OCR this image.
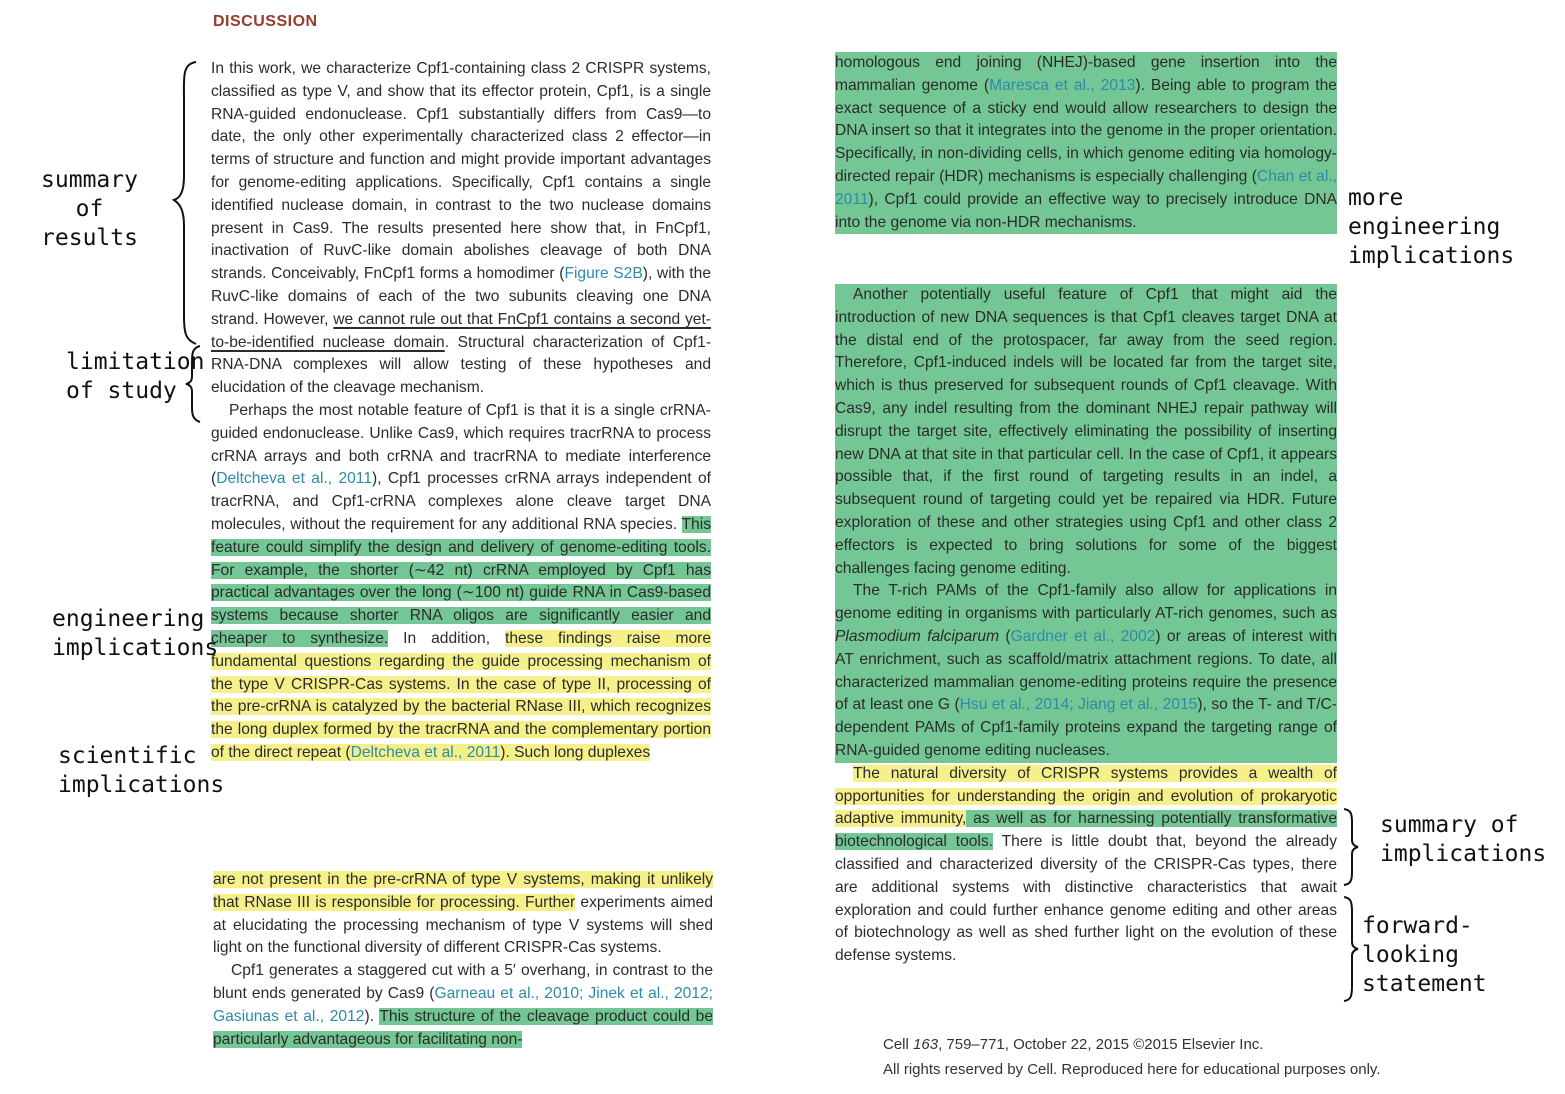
DISCUSSION

In this work, we characterize Cpf1-containing class 2 CRISPR systems, classified as type V, and show that its effector protein, Cpf1, is a single RNA-guided endonuclease. Cpf1 substantially differs from Cas9—to date, the only other experimentally characterized class 2 effector—in terms of structure and function and might provide important advantages for genome-editing applications. Specifically, Cpf1 contains a single identified nuclease domain, in contrast to the two nuclease domains present in Cas9. The results presented here show that, in FnCpf1, inactivation of RuvC-like domain abolishes cleavage of both DNA strands. Conceivably, FnCpf1 forms a homodimer (Figure S2B), with the RuvC-like domains of each of the two subunits cleaving one DNA strand. However, we cannot rule out that FnCpf1 contains a second yet-to-be-identified nuclease domain. Structural characterization of Cpf1-RNA-DNA complexes will allow testing of these hypotheses and elucidation of the cleavage mechanism.

Perhaps the most notable feature of Cpf1 is that it is a single crRNA-guided endonuclease. Unlike Cas9, which requires tracrRNA to process crRNA arrays and both crRNA and tracrRNA to mediate interference (Deltcheva et al., 2011), Cpf1 processes crRNA arrays independent of tracrRNA, and Cpf1-crRNA complexes alone cleave target DNA molecules, without the requirement for any additional RNA species. This feature could simplify the design and delivery of genome-editing tools. For example, the shorter (∼42 nt) crRNA employed by Cpf1 has practical advantages over the long (∼100 nt) guide RNA in Cas9-based systems because shorter RNA oligos are significantly easier and cheaper to synthesize. In addition, these findings raise more fundamental questions regarding the guide processing mechanism of the type V CRISPR-Cas systems. In the case of type II, processing of the pre-crRNA is catalyzed by the bacterial RNase III, which recognizes the long duplex formed by the tracrRNA and the complementary portion of the direct repeat (Deltcheva et al., 2011). Such long duplexes

are not present in the pre-crRNA of type V systems, making it unlikely that RNase III is responsible for processing. Further experiments aimed at elucidating the processing mechanism of type V systems will shed light on the functional diversity of different CRISPR-Cas systems.

Cpf1 generates a staggered cut with a 5′ overhang, in contrast to the blunt ends generated by Cas9 (Garneau et al., 2010; Jinek et al., 2012; Gasiunas et al., 2012). This structure of the cleavage product could be particularly advantageous for facilitating non-

homologous end joining (NHEJ)-based gene insertion into the mammalian genome (Maresca et al., 2013). Being able to program the exact sequence of a sticky end would allow researchers to design the DNA insert so that it integrates into the genome in the proper orientation. Specifically, in non-dividing cells, in which genome editing via homology-directed repair (HDR) mechanisms is especially challenging (Chan et al., 2011), Cpf1 could provide an effective way to precisely introduce DNA into the genome via non-HDR mechanisms.

Another potentially useful feature of Cpf1 that might aid the introduction of new DNA sequences is that Cpf1 cleaves target DNA at the distal end of the protospacer, far away from the seed region. Therefore, Cpf1-induced indels will be located far from the target site, which is thus preserved for subsequent rounds of Cpf1 cleavage. With Cas9, any indel resulting from the dominant NHEJ repair pathway will disrupt the target site, effectively eliminating the possibility of inserting new DNA at that site in that particular cell. In the case of Cpf1, it appears possible that, if the first round of targeting results in an indel, a subsequent round of targeting could yet be repaired via HDR. Future exploration of these and other strategies using Cpf1 and other class 2 effectors is expected to bring solutions for some of the biggest challenges facing genome editing.

The T-rich PAMs of the Cpf1-family also allow for applications in genome editing in organisms with particularly AT-rich genomes, such as Plasmodium falciparum (Gardner et al., 2002) or areas of interest with AT enrichment, such as scaffold/matrix attachment regions. To date, all characterized mammalian genome-editing proteins require the presence of at least one G (Hsu et al., 2014; Jiang et al., 2015), so the T- and T/C-dependent PAMs of Cpf1-family proteins expand the targeting range of RNA-guided genome editing nucleases.

The natural diversity of CRISPR systems provides a wealth of opportunities for understanding the origin and evolution of prokaryotic adaptive immunity, as well as for harnessing potentially transformative biotechnological tools. There is little doubt that, beyond the already classified and characterized diversity of the CRISPR-Cas types, there are additional systems with distinctive characteristics that await exploration and could further enhance genome editing and other areas of biotechnology as well as shed further light on the evolution of these defense systems.

Cell 163, 759–771, October 22, 2015 ©2015 Elsevier Inc.
All rights reserved by Cell. Reproduced here for educational purposes only.
summary of
results
limitation
of study
engineering
implications
scientific
implications
more engineering
implications
summary of
implications
forward-looking
statement
